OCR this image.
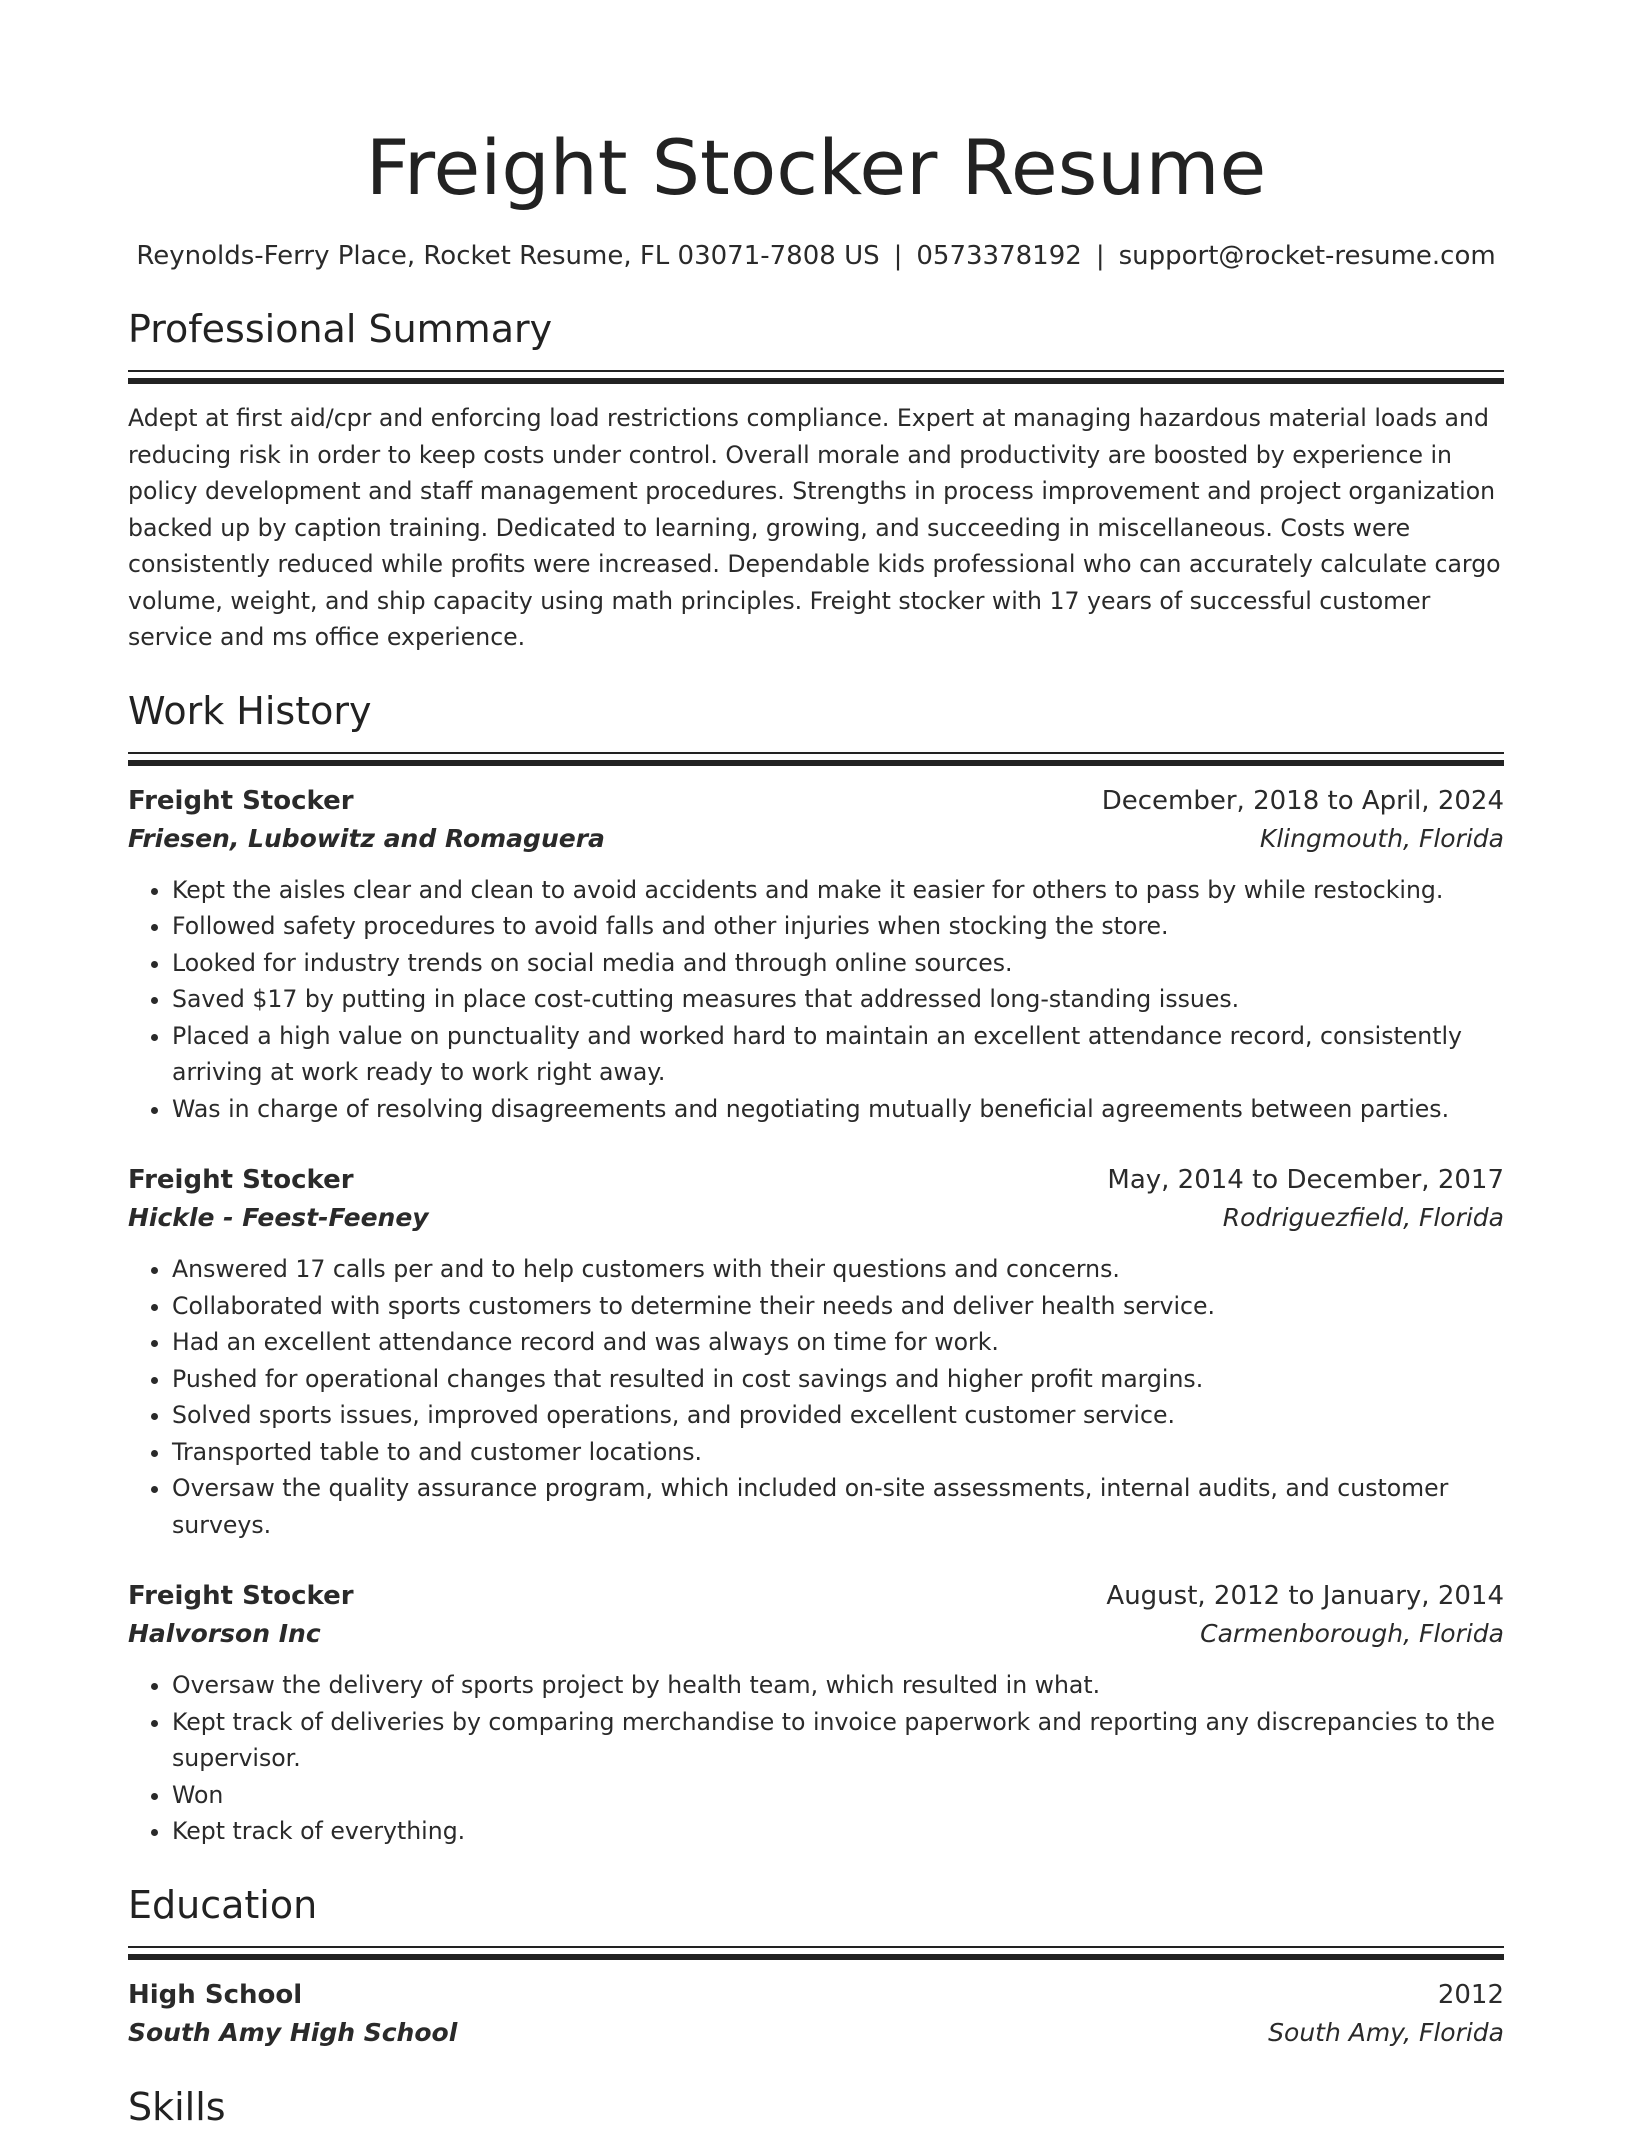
Freight Stocker Resume
Reynolds-Ferry Place, Rocket Resume, FL 03071-7808 US | 0573378192 | support@rocket-resume.com
Professional Summary
Adept at first aid/cpr and enforcing load restrictions compliance. Expert at managing hazardous material loads and reducing risk in order to keep costs under control. Overall morale and productivity are boosted by experience in policy development and staff management procedures. Strengths in process improvement and project organization backed up by caption training. Dedicated to learning, growing, and succeeding in miscellaneous. Costs were consistently reduced while profits were increased. Dependable kids professional who can accurately calculate cargo volume, weight, and ship capacity using math principles. Freight stocker with 17 years of successful customer service and ms office experience.
Work History
Freight Stocker	December, 2018 to April, 2024
Friesen, Lubowitz and Romaguera	Klingmouth, Florida
• Kept the aisles clear and clean to avoid accidents and make it easier for others to pass by while restocking.
• Followed safety procedures to avoid falls and other injuries when stocking the store.
• Looked for industry trends on social media and through online sources.
• Saved $17 by putting in place cost-cutting measures that addressed long-standing issues.
• Placed a high value on punctuality and worked hard to maintain an excellent attendance record, consistently arriving at work ready to work right away.
• Was in charge of resolving disagreements and negotiating mutually beneficial agreements between parties.
Freight Stocker	May, 2014 to December, 2017
Hickle - Feest-Feeney	Rodriguezfield, Florida
• Answered 17 calls per and to help customers with their questions and concerns.
• Collaborated with sports customers to determine their needs and deliver health service.
• Had an excellent attendance record and was always on time for work.
• Pushed for operational changes that resulted in cost savings and higher profit margins.
• Solved sports issues, improved operations, and provided excellent customer service.
• Transported table to and customer locations.
• Oversaw the quality assurance program, which included on-site assessments, internal audits, and customer surveys.
Freight Stocker	August, 2012 to January, 2014
Halvorson Inc	Carmenborough, Florida
• Oversaw the delivery of sports project by health team, which resulted in what.
• Kept track of deliveries by comparing merchandise to invoice paperwork and reporting any discrepancies to the supervisor.
• Won
• Kept track of everything.
Education
High School	2012
South Amy High School	South Amy, Florida
Skills
